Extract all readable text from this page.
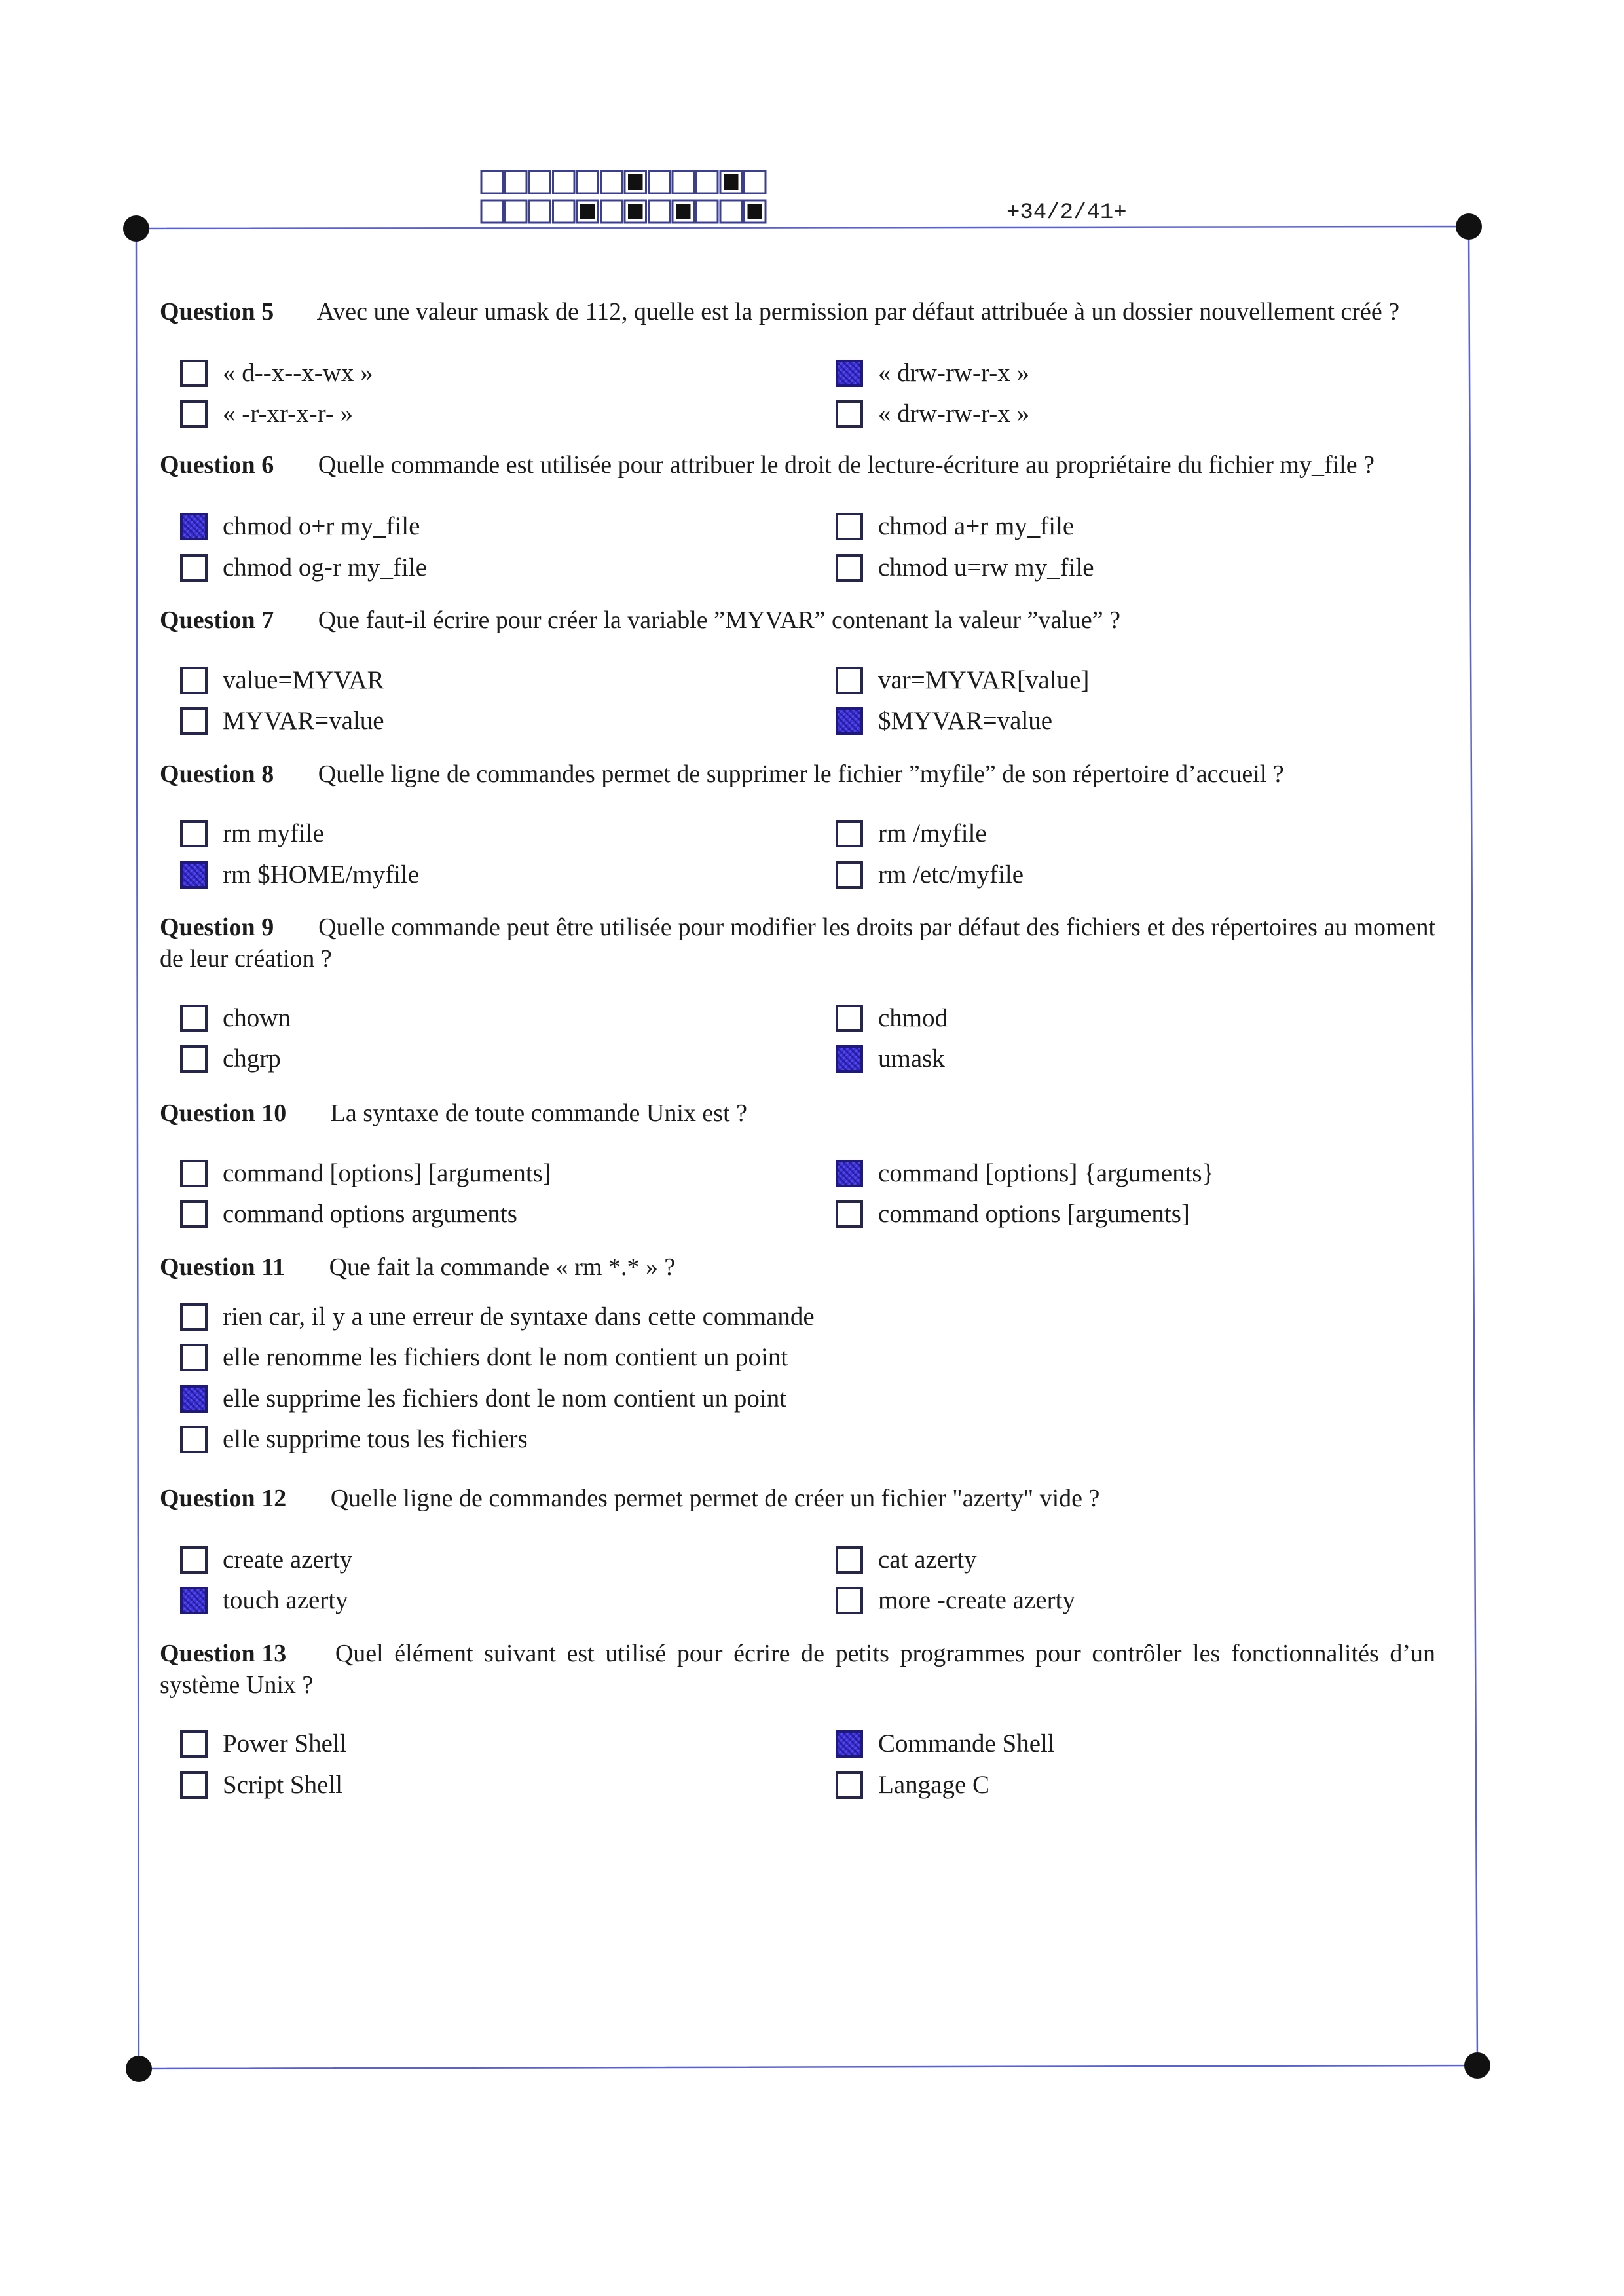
+34/2/41+
Question 5 Avec une valeur umask de 112, quelle est la permission par défaut attribuée à un dossier nouvellement créé ?
« d--x--x-wx »
« -r-xr-x-r- »
« drw-rw-r-x »
« drw-rw-r-x »
Question 6 Quelle commande est utilisée pour attribuer le droit de lecture-écriture au propriétaire du fichier my_file ?
chmod o+r my_file
chmod og-r my_file
chmod a+r my_file
chmod u=rw my_file
Question 7 Que faut-il écrire pour créer la variable ”MYVAR” contenant la valeur ”value” ?
value=MYVAR
MYVAR=value
var=MYVAR[value]
$MYVAR=value
Question 8 Quelle ligne de commandes permet de supprimer le fichier ”myfile” de son répertoire d’accueil ?
rm myfile
rm $HOME/myfile
rm /myfile
rm /etc/myfile
Question 9 Quelle commande peut être utilisée pour modifier les droits par défaut des fichiers et des répertoires au moment de leur création ?
chown
chgrp
chmod
umask
Question 10 La syntaxe de toute commande Unix est ?
command [options] [arguments]
command options arguments
command [options] {arguments}
command options [arguments]
Question 11 Que fait la commande « rm *.* » ?
rien car, il y a une erreur de syntaxe dans cette commande
elle renomme les fichiers dont le nom contient un point
elle supprime les fichiers dont le nom contient un point
elle supprime tous les fichiers
Question 12 Quelle ligne de commandes permet permet de créer un fichier "azerty" vide ?
create azerty
touch azerty
cat azerty
more -create azerty
Question 13 Quel élément suivant est utilisé pour écrire de petits programmes pour contrôler les fonctionnalités d’un système Unix ?
Power Shell
Script Shell
Commande Shell
Langage C
